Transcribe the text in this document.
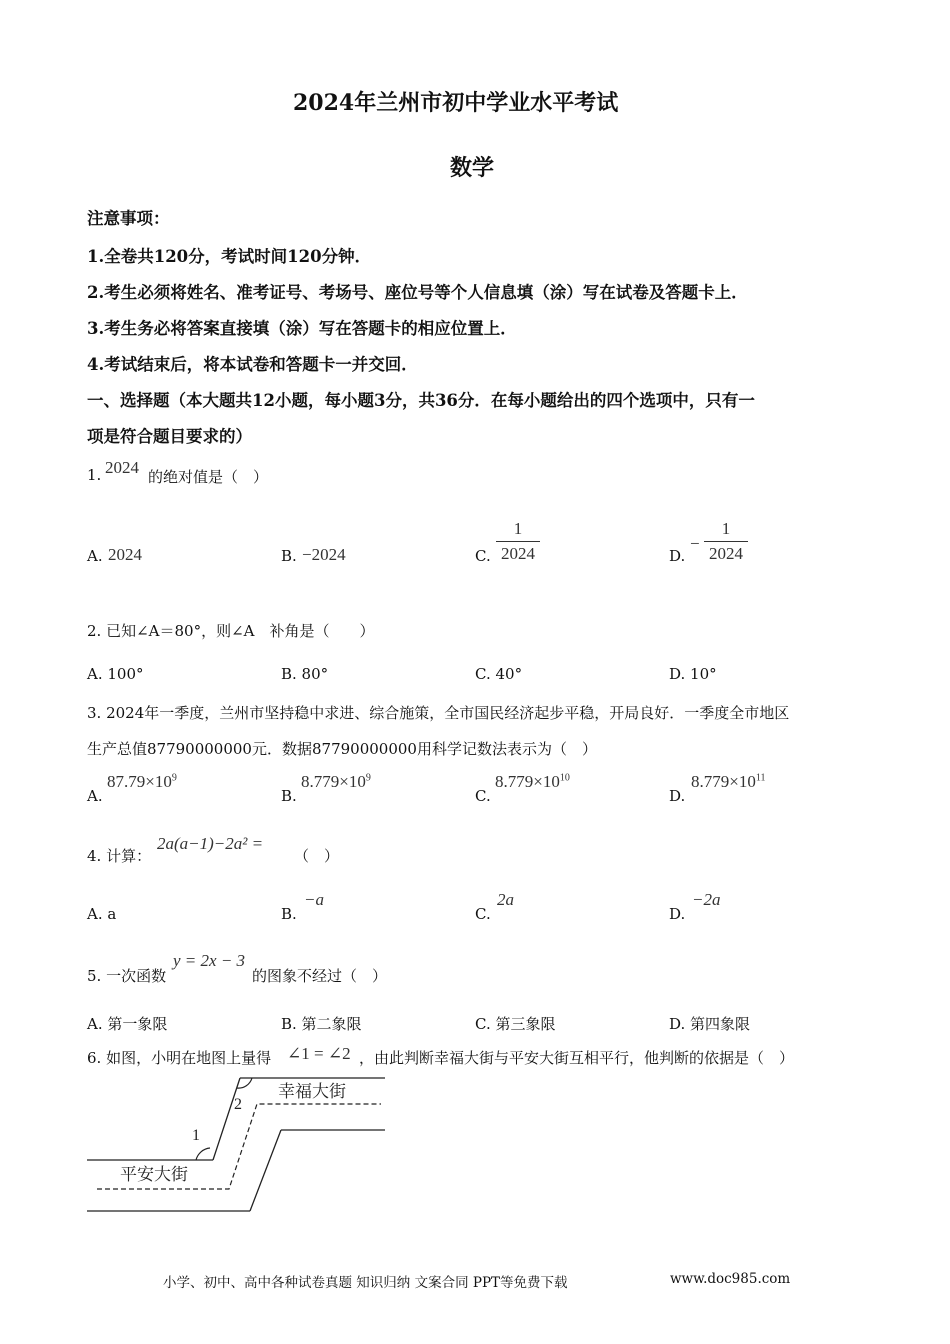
2024年兰州市初中学业水平考试
数学
注意事项：
1.全卷共120分，考试时间120分钟．
2.考生必须将姓名、准考证号、考场号、座位号等个人信息填（涂）写在试卷及答题卡上．
3.考生务必将答案直接填（涂）写在答题卡的相应位置上．
4.考试结束后，将本试卷和答题卡一并交回．
一、选择题（本大题共12小题，每小题3分，共36分．在每小题给出的四个选项中，只有一
项是符合题目要求的）
1. 2024 的绝对值是（　）
A. 2024	B. −2024	C.
1
2024	D.
−
1
2024
2. 已知∠A＝80°，则∠A　补角是（　　）
A. 100°	B. 80°	C. 40°	D. 10°
3. 2024年一季度，兰州市坚持稳中求进、综合施策，全市国民经济起步平稳，开局良好．一季度全市地区
生产总值87790000000元．数据87790000000用科学记数法表示为（　）
A.
$87.79\times 10^9$
B.
$8.779\times 10^9$
C.
$8.779\times 10^{10}$
D.
$8.779\times 10^{11}$
4. 计算：
2a(a−1)−2a² =
（　）
A. a	B.
−a
C.
2a
D.
−2a
5. 一次函数
y = 2x − 3
的图象不经过（　）
A. 第一象限	B. 第二象限	C. 第三象限	D. 第四象限
6. 如图，小明在地图上量得 ∠1 = ∠2 ，由此判断幸福大街与平安大街互相平行，他判断的依据是（　）
1
2
幸福大街
平安大街
小学、初中、高中各种试卷真题 知识归纳 文案合同 PPT等免费下载	www.doc985.com
